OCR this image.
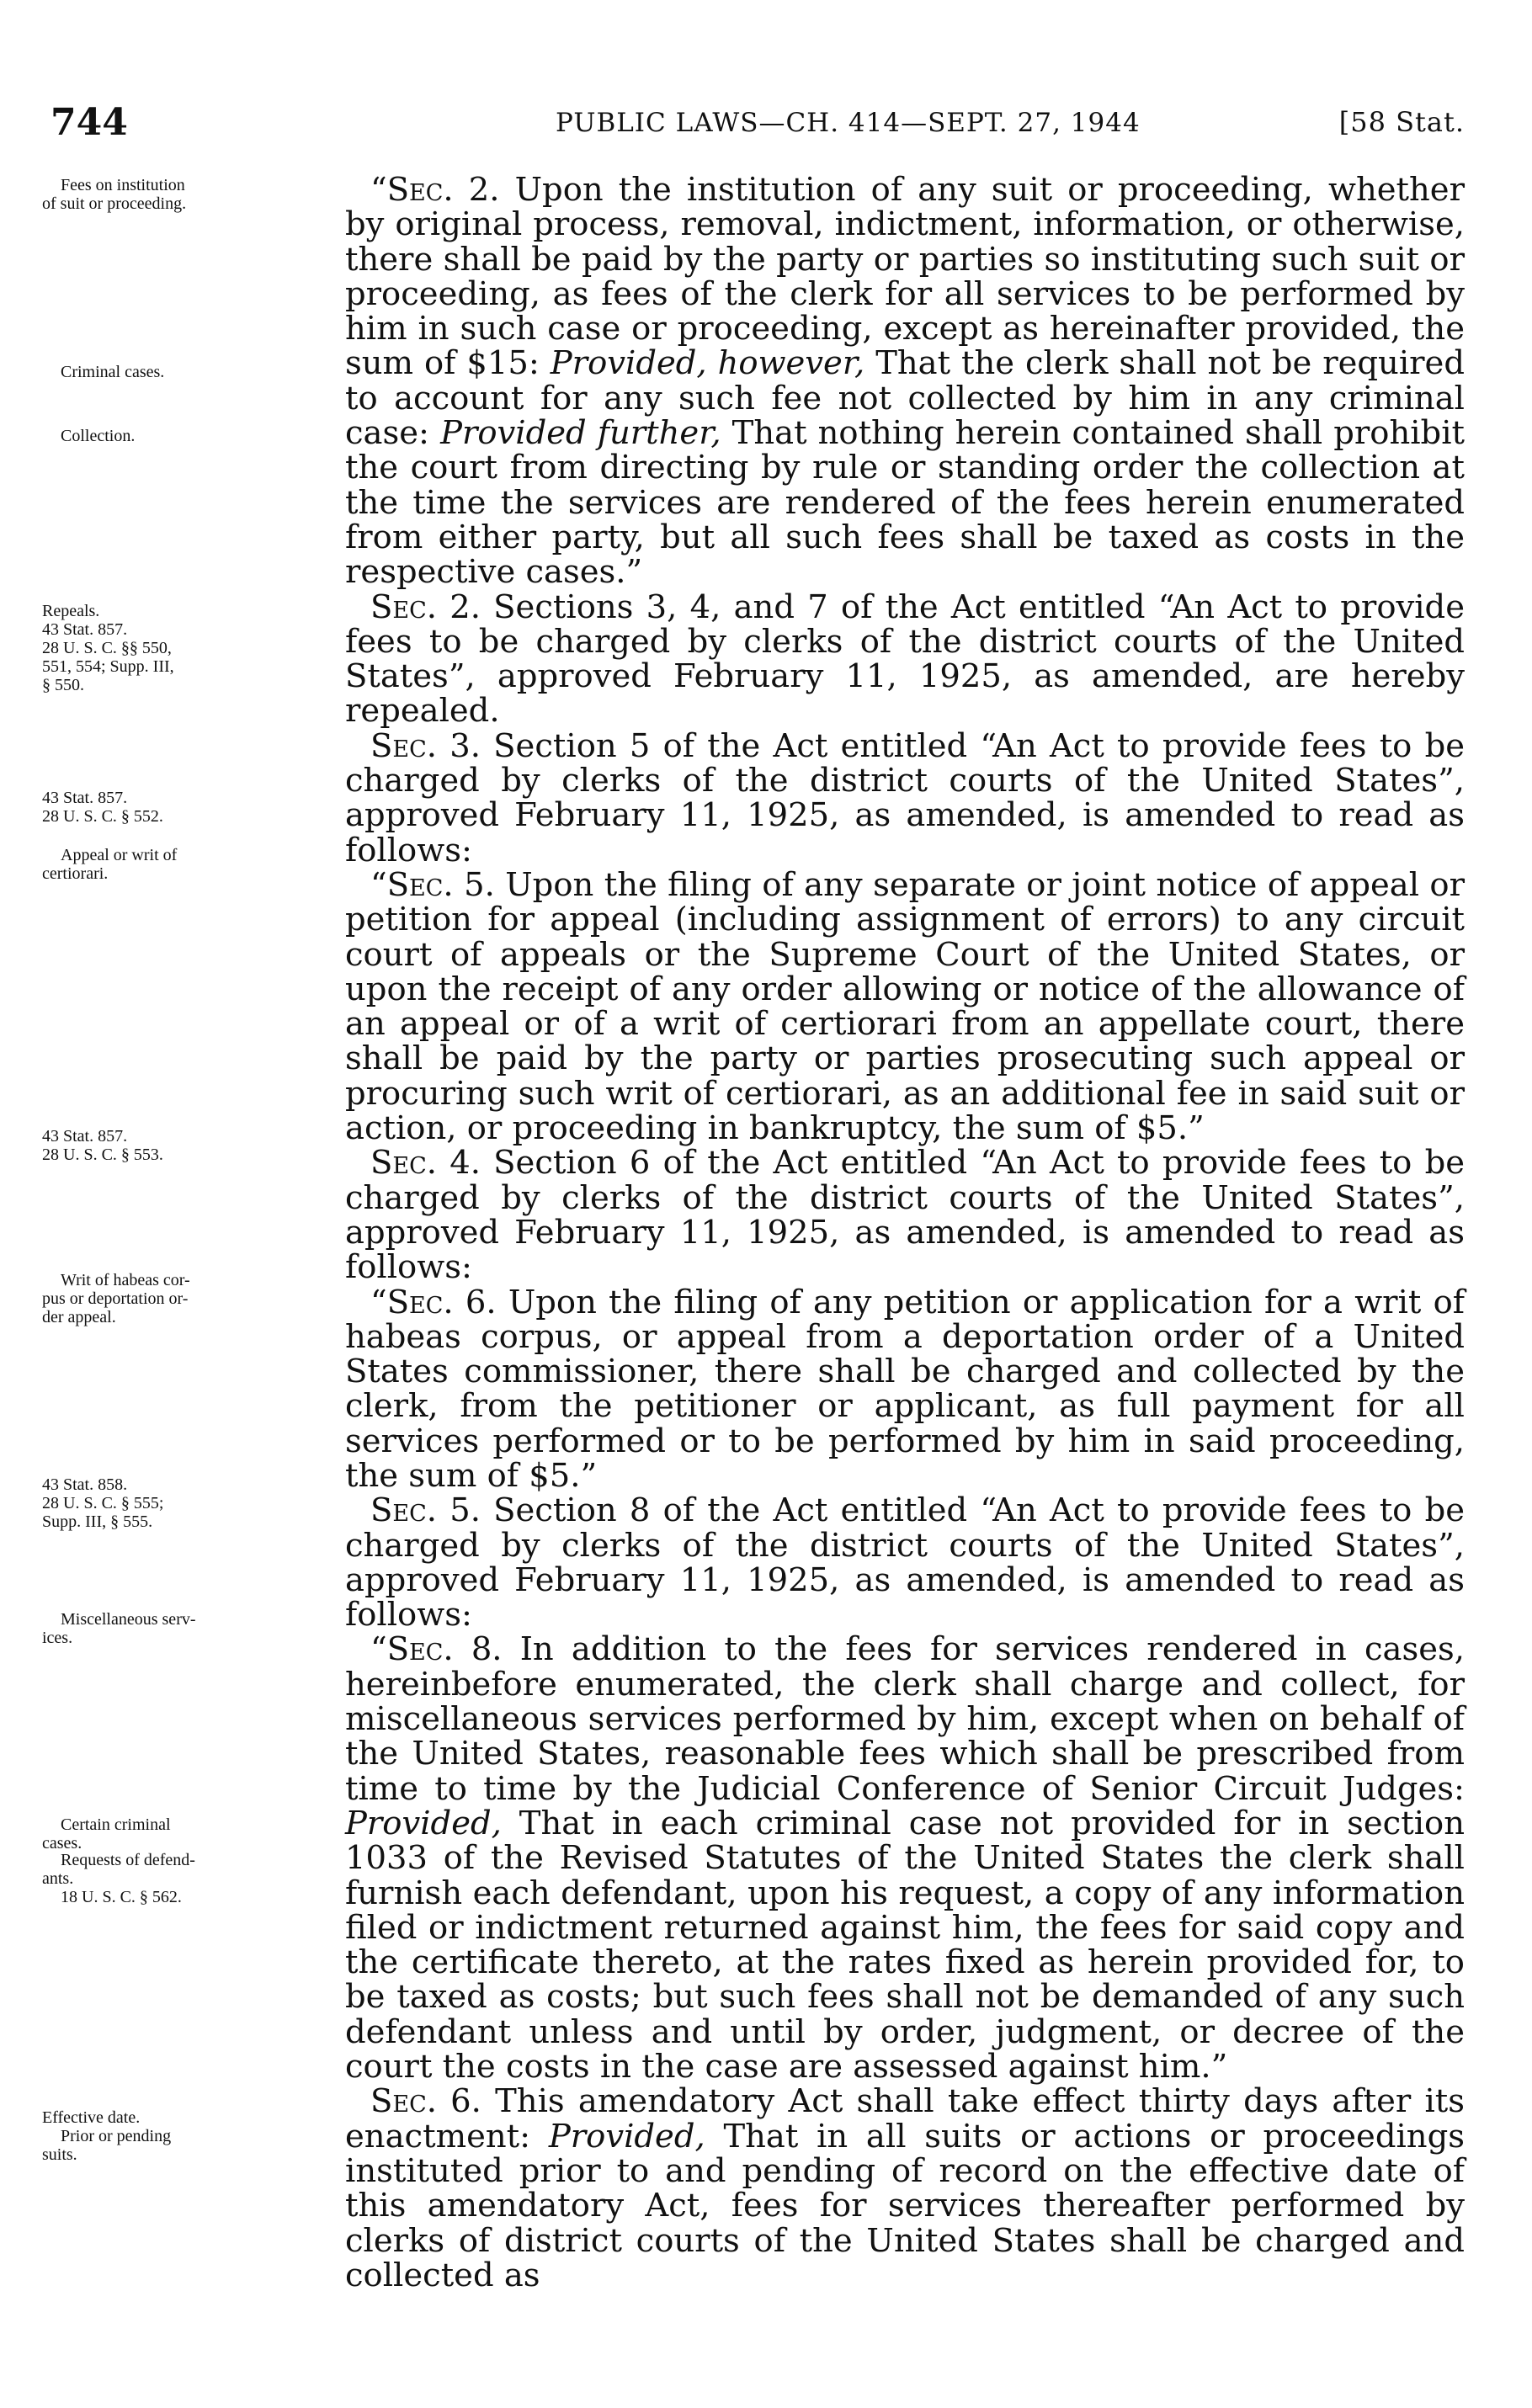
744	PUBLIC LAWS—CH. 414—SEPT. 27, 1944	[58 Stat.
Fees on institution
of suit or proceeding.
Criminal cases.
Collection.
Repeals.
43 Stat. 857.
28 U. S. C. §§ 550,
551, 554; Supp. III,
§ 550.
43 Stat. 857.
28 U. S. C. § 552.
Appeal or writ of
certiorari.
43 Stat. 857.
28 U. S. C. § 553.
Writ of habeas cor-
pus or deportation or-
der appeal.
43 Stat. 858.
28 U. S. C. § 555;
Supp. III, § 555.
Miscellaneous serv-
ices.
Certain criminal
cases.
Requests of defend-
ants.
18 U. S. C. § 562.
Effective date.
Prior or pending
suits.

“Sec. 2. Upon the institution of any suit or proceeding, whether by original process, removal, indictment, information, or otherwise, there shall be paid by the party or parties so instituting such suit or proceeding, as fees of the clerk for all services to be performed by him in such case or proceeding, except as hereinafter provided, the sum of $15: Provided, however, That the clerk shall not be required to account for any such fee not collected by him in any criminal case: Provided further, That nothing herein contained shall prohibit the court from directing by rule or standing order the collection at the time the services are rendered of the fees herein enumerated from either party, but all such fees shall be taxed as costs in the respective cases.”

Sec. 2. Sections 3, 4, and 7 of the Act entitled “An Act to provide fees to be charged by clerks of the district courts of the United States”, approved February 11, 1925, as amended, are hereby repealed.

Sec. 3. Section 5 of the Act entitled “An Act to provide fees to be charged by clerks of the district courts of the United States”, approved February 11, 1925, as amended, is amended to read as follows:

“Sec. 5. Upon the filing of any separate or joint notice of appeal or petition for appeal (including assignment of errors) to any circuit court of appeals or the Supreme Court of the United States, or upon the receipt of any order allowing or notice of the allowance of an appeal or of a writ of certiorari from an appellate court, there shall be paid by the party or parties prosecuting such appeal or procuring such writ of certiorari, as an additional fee in said suit or action, or proceeding in bankruptcy, the sum of $5.”

Sec. 4. Section 6 of the Act entitled “An Act to provide fees to be charged by clerks of the district courts of the United States”, approved February 11, 1925, as amended, is amended to read as follows:

“Sec. 6. Upon the filing of any petition or application for a writ of habeas corpus, or appeal from a deportation order of a United States commissioner, there shall be charged and collected by the clerk, from the petitioner or applicant, as full payment for all services performed or to be performed by him in said proceeding, the sum of $5.”

Sec. 5. Section 8 of the Act entitled “An Act to provide fees to be charged by clerks of the district courts of the United States”, approved February 11, 1925, as amended, is amended to read as follows:

“Sec. 8. In addition to the fees for services rendered in cases, hereinbefore enumerated, the clerk shall charge and collect, for miscellaneous services performed by him, except when on behalf of the United States, reasonable fees which shall be prescribed from time to time by the Judicial Conference of Senior Circuit Judges: Provided, That in each criminal case not provided for in section 1033 of the Revised Statutes of the United States the clerk shall furnish each defendant, upon his request, a copy of any information filed or indictment returned against him, the fees for said copy and the certificate thereto, at the rates fixed as herein provided for, to be taxed as costs; but such fees shall not be demanded of any such defendant unless and until by order, judgment, or decree of the court the costs in the case are assessed against him.”

Sec. 6. This amendatory Act shall take effect thirty days after its enactment: Provided, That in all suits or actions or proceedings instituted prior to and pending of record on the effective date of this amendatory Act, fees for services thereafter performed by clerks of district courts of the United States shall be charged and collected as
